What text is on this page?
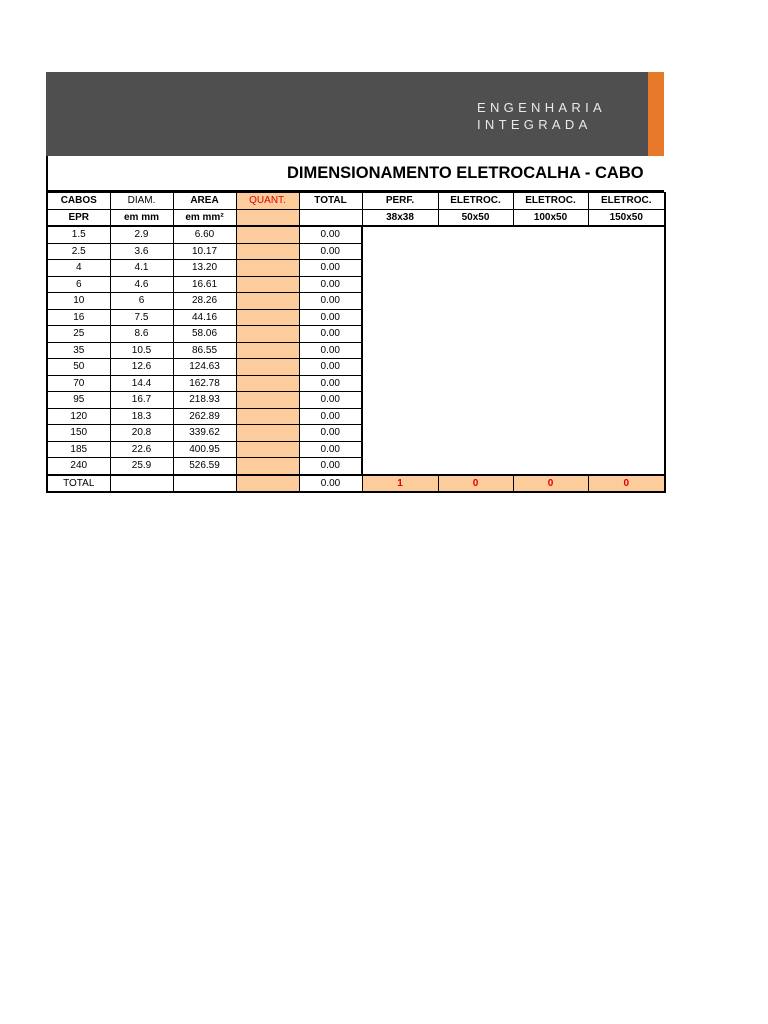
ENGENHARIA
INTEGRADA
DIMENSIONAMENTO ELETROCALHA - CABO
CABOS	DIAM.	AREA	QUANT.	TOTAL	PERF.	ELETROC.	ELETROC.	ELETROC.
EPR	em mm	em mm²			38x38	50x50	100x50	150x50
1.5	2.9	6.60		0.00				
2.5	3.6	10.17		0.00				
4	4.1	13.20		0.00				
6	4.6	16.61		0.00				
10	6	28.26		0.00				
16	7.5	44.16		0.00				
25	8.6	58.06		0.00				
35	10.5	86.55		0.00				
50	12.6	124.63		0.00				
70	14.4	162.78		0.00				
95	16.7	218.93		0.00				
120	18.3	262.89		0.00				
150	20.8	339.62		0.00				
185	22.6	400.95		0.00				
240	25.9	526.59		0.00				
TOTAL				0.00	1	0	0	0
